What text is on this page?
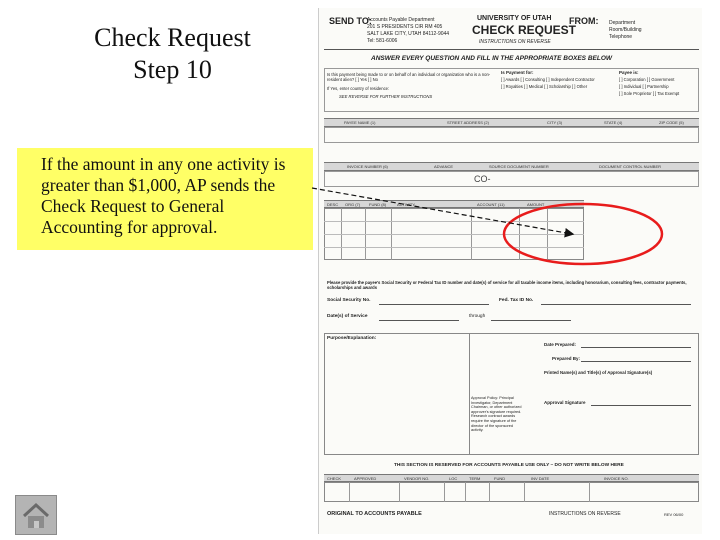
Check Request
Step 10
If the amount in any one activity is greater than $1,000, AP sends the Check Request to General Accounting for approval.
SEND TO:
Accounts Payable Department
201 S PRESIDENTS CIR RM 405
SALT LAKE CITY, UTAH 84112-9044
Tel: 581-6006
UNIVERSITY OF UTAH
CHECK REQUEST
INSTRUCTIONS ON REVERSE
FROM: Department
Room/Building
Telephone
ANSWER EVERY QUESTION AND FILL IN THE APPROPRIATE BOXES BELOW
Is this payment being made to or on behalf of an individual or organization who is a non-resident alien? [ ] Yes [ ] No
If Yes, enter country of residence:
SEE REVERSE FOR FURTHER INSTRUCTIONS
Is Payment for:
[ ] Awards [ ] Consulting [ ] Independent Contractor
[ ] Royalties [ ] Medical [ ] Scholarship [ ] Other
Payee is:
[ ] Corporation [ ] Government
[ ] Individual [ ] Partnership
[ ] Sole Proprietor [ ] Tax Exempt
PAYEE NAME (1)	STREET ADDRESS (2)	CITY (3)	STATE (4)	ZIP CODE (5)
INVOICE NUMBER (6)	ADVANCE	SOURCE DOCUMENT NUMBER	DOCUMENT CONTROL NUMBER
CO-
DESC ORG (7) FUND (8)	ACTIVITY	ACCOUNT (11)	AMOUNT
Please provide the payee's Social Security or Federal Tax ID number and date(s) of service for all taxable income items, including honorarium, consulting fees, contractor payments, scholarships and awards
Social Security No.	Fed. Tax ID No.
Date(s) of Service	through
Purpose/Explanation:
Date Prepared:
Prepared By:
Printed Name(s) and Title(s) of Approval Signature(s)
Approval Policy: Principal Investigator, Department Chairman, or other authorized approver's signature required. Research contract awards require the signature of the director of the sponsored activity.
Approval Signature
THIS SECTION IS RESERVED FOR ACCOUNTS PAYABLE USE ONLY – DO NOT WRITE BELOW HERE
CHECK	APPROVED	VENDOR NO.	LOC	TERM	FUND	INV DATE	INVOICE NO.
ORIGINAL TO ACCOUNTS PAYABLE	INSTRUCTIONS ON REVERSE	REV 06/00
